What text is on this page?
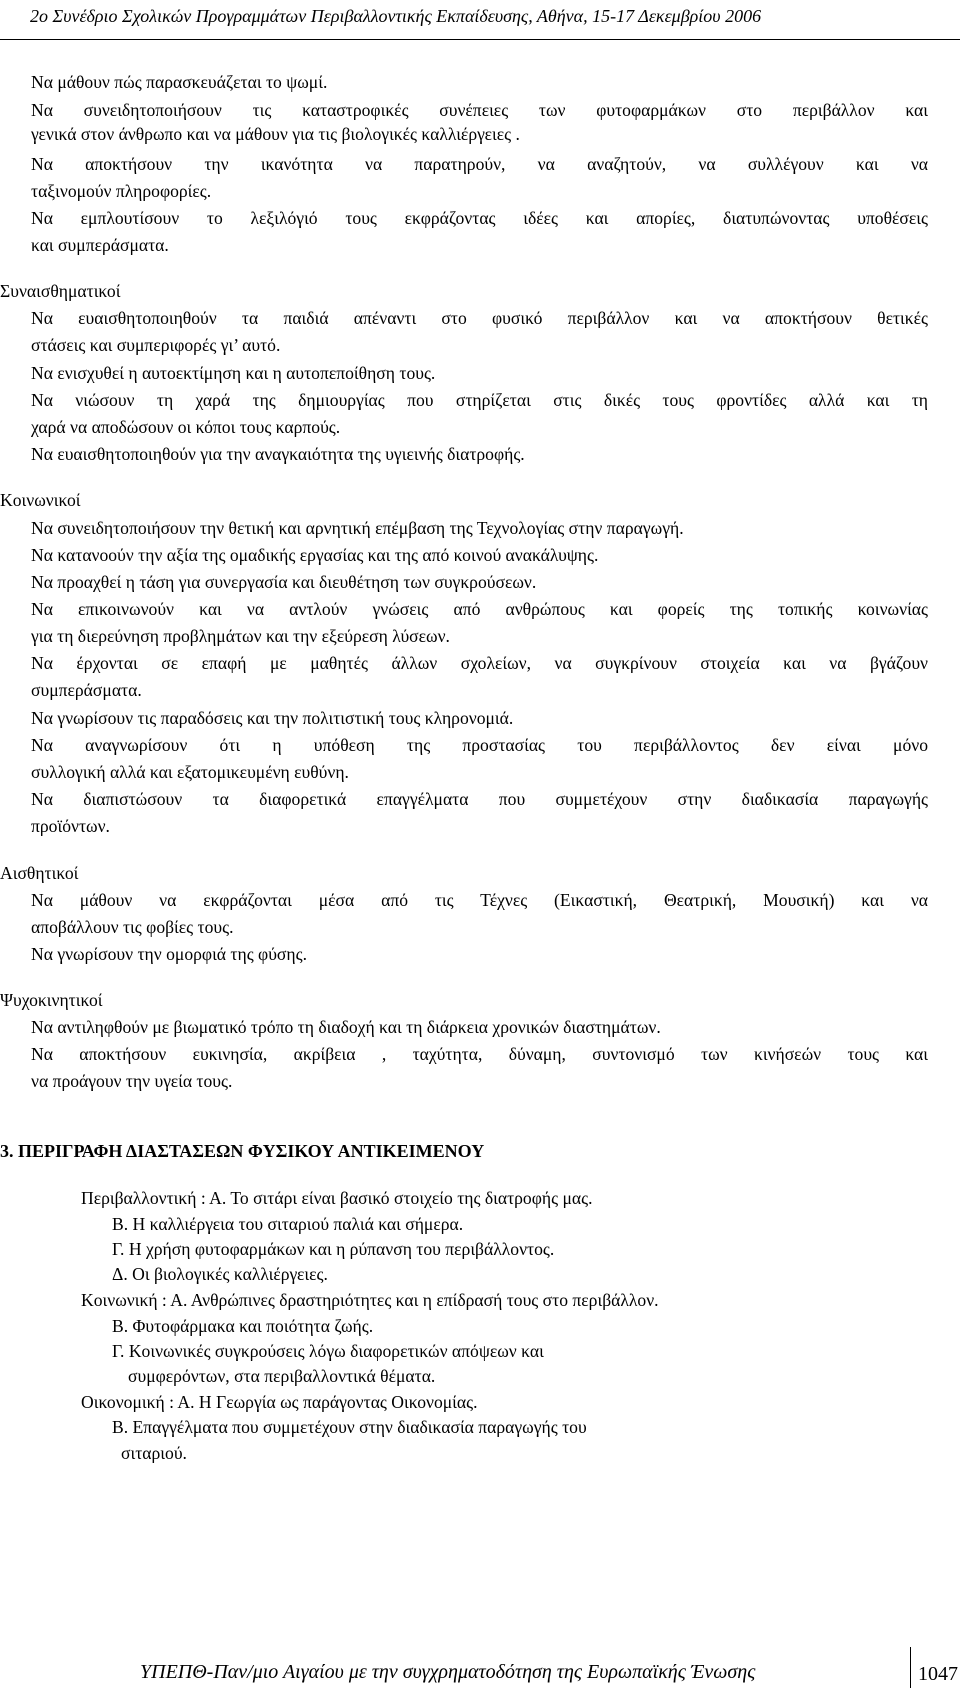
2ο Συνέδριο Σχολικών Προγραμμάτων Περιβαλλοντικής Εκπαίδευσης, Αθήνα, 15-17 Δεκεμβρίου 2006
Να μάθουν πώς παρασκευάζεται το ψωμί.
Να συνειδητοποιήσουν τις καταστροφικές συνέπειες των φυτοφαρμάκων στο περιβάλλον και
γενικά στον άνθρωπο και να μάθουν για τις βιολογικές καλλιέργειες .
Να αποκτήσουν την ικανότητα να παρατηρούν, να αναζητούν, να συλλέγουν και να
ταξινομούν πληροφορίες.
Να εμπλουτίσουν το λεξιλόγιό τους εκφράζοντας ιδέες και απορίες, διατυπώνοντας υποθέσεις
και συμπεράσματα.
Συναισθηματικοί
Να ευαισθητοποιηθούν τα παιδιά απέναντι στο φυσικό περιβάλλον και να αποκτήσουν θετικές
στάσεις και συμπεριφορές γι’ αυτό.
Να ενισχυθεί η αυτοεκτίμηση και η αυτοπεποίθηση τους.
Να νιώσουν τη χαρά της δημιουργίας που στηρίζεται στις δικές τους φροντίδες αλλά και τη
χαρά να αποδώσουν οι κόποι τους καρπούς.
Να ευαισθητοποιηθούν για την αναγκαιότητα της υγιεινής διατροφής.
Κοινωνικοί
Να συνειδητοποιήσουν την θετική και αρνητική επέμβαση της Τεχνολογίας στην παραγωγή.
Να κατανοούν την αξία της ομαδικής εργασίας και της από κοινού ανακάλυψης.
Να προαχθεί η τάση για συνεργασία και διευθέτηση των συγκρούσεων.
Να επικοινωνούν και να αντλούν γνώσεις από ανθρώπους και φορείς της τοπικής κοινωνίας
για τη διερεύνηση προβλημάτων και την εξεύρεση λύσεων.
Να έρχονται σε επαφή με μαθητές άλλων σχολείων, να συγκρίνουν στοιχεία και να βγάζουν
συμπεράσματα.
Να γνωρίσουν τις παραδόσεις και την πολιτιστική τους κληρονομιά.
Να αναγνωρίσουν ότι η υπόθεση της προστασίας του περιβάλλοντος δεν είναι μόνο
συλλογική αλλά και εξατομικευμένη ευθύνη.
Να διαπιστώσουν τα διαφορετικά επαγγέλματα που συμμετέχουν στην διαδικασία παραγωγής
προϊόντων.
Αισθητικοί
Να μάθουν να εκφράζονται μέσα από τις Τέχνες (Εικαστική, Θεατρική, Μουσική) και να
αποβάλλουν τις φοβίες τους.
Να γνωρίσουν την ομορφιά της φύσης.
Ψυχοκινητικοί
Να αντιληφθούν με βιωματικό τρόπο τη διαδοχή και τη διάρκεια χρονικών διαστημάτων.
Να αποκτήσουν ευκινησία, ακρίβεια , ταχύτητα, δύναμη, συντονισμό των κινήσεών τους και
να προάγουν την υγεία τους.
3. ΠΕΡΙΓΡΑΦΗ ΔΙΑΣΤΑΣΕΩΝ ΦΥΣΙΚΟΥ ΑΝΤΙΚΕΙΜΕΝΟΥ
Περιβαλλοντική : Α. Το σιτάρι είναι βασικό στοιχείο της διατροφής μας.
Β. Η καλλιέργεια του σιταριού παλιά και σήμερα.
Γ. Η χρήση φυτοφαρμάκων και η ρύπανση του περιβάλλοντος.
Δ. Οι βιολογικές καλλιέργειες.
Κοινωνική : Α. Ανθρώπινες δραστηριότητες και η επίδρασή τους στο περιβάλλον.
Β. Φυτοφάρμακα και ποιότητα ζωής.
Γ. Κοινωνικές συγκρούσεις λόγω διαφορετικών απόψεων και
συμφερόντων, στα περιβαλλοντικά θέματα.
Οικονομική : Α. Η Γεωργία ως παράγοντας Οικονομίας.
Β. Επαγγέλματα που συμμετέχουν στην διαδικασία παραγωγής του
σιταριού.
ΥΠΕΠΘ-Παν/μιο Αιγαίου με την συγχρηματοδότηση της Ευρωπαϊκής Ένωσης	1047
